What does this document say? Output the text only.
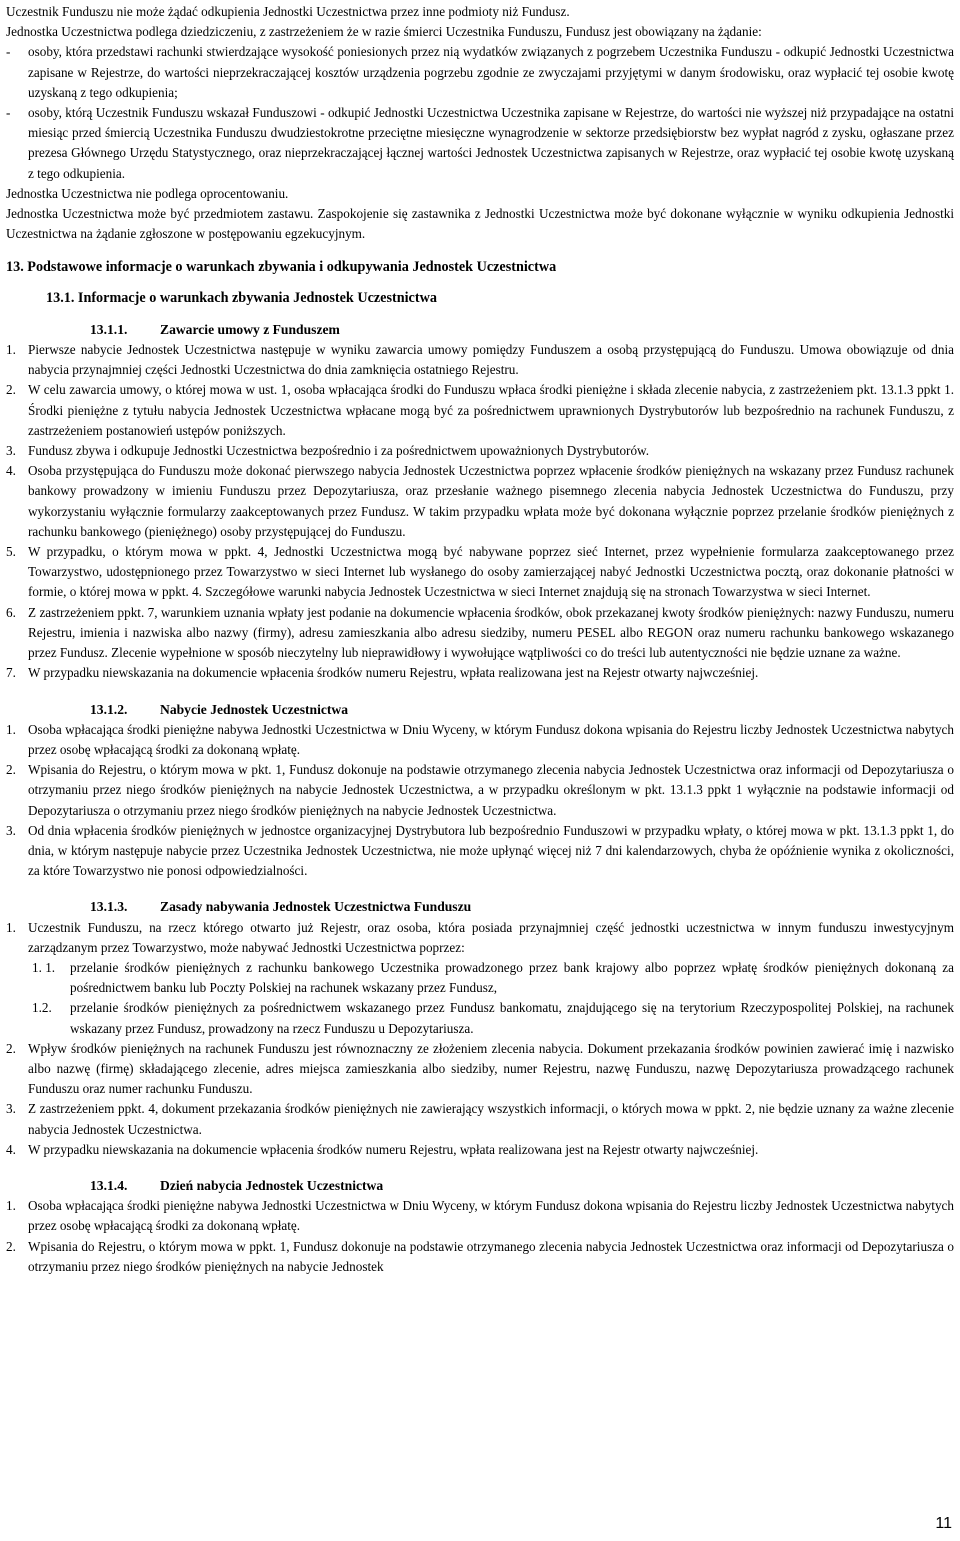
Uczestnik Funduszu nie może żądać odkupienia Jednostki Uczestnictwa przez inne podmioty niż Fundusz.

Jednostka Uczestnictwa podlega dziedziczeniu, z zastrzeżeniem że w razie śmierci Uczestnika Funduszu, Fundusz jest obowiązany na żądanie:

- osoby, która przedstawi rachunki stwierdzające wysokość poniesionych przez nią wydatków związanych z pogrzebem Uczestnika Funduszu - odkupić Jednostki Uczestnictwa zapisane w Rejestrze, do wartości nieprzekraczającej kosztów urządzenia pogrzebu zgodnie ze zwyczajami przyjętymi w danym środowisku, oraz wypłacić tej osobie kwotę uzyskaną z tego odkupienia;
- osoby, którą Uczestnik Funduszu wskazał Funduszowi - odkupić Jednostki Uczestnictwa Uczestnika zapisane w Rejestrze, do wartości nie wyższej niż przypadające na ostatni miesiąc przed śmiercią Uczestnika Funduszu dwudziestokrotne przeciętne miesięczne wynagrodzenie w sektorze przedsiębiorstw bez wypłat nagród z zysku, ogłaszane przez prezesa Głównego Urzędu Statystycznego, oraz nieprzekraczającej łącznej wartości Jednostek Uczestnictwa zapisanych w Rejestrze, oraz wypłacić tej osobie kwotę uzyskaną z tego odkupienia.

Jednostka Uczestnictwa nie podlega oprocentowaniu.

Jednostka Uczestnictwa może być przedmiotem zastawu. Zaspokojenie się zastawnika z Jednostki Uczestnictwa może być dokonane wyłącznie w wyniku odkupienia Jednostki Uczestnictwa na żądanie zgłoszone w postępowaniu egzekucyjnym.

13. Podstawowe informacje o warunkach zbywania i odkupywania Jednostek Uczestnictwa
13.1. Informacje o warunkach zbywania Jednostek Uczestnictwa
13.1.1. Zawarcie umowy z Funduszem
1. Pierwsze nabycie Jednostek Uczestnictwa następuje w wyniku zawarcia umowy pomiędzy Funduszem a osobą przystępującą do Funduszu. Umowa obowiązuje od dnia nabycia przynajmniej części Jednostki Uczestnictwa do dnia zamknięcia ostatniego Rejestru.
2. W celu zawarcia umowy, o której mowa w ust. 1, osoba wpłacająca środki do Funduszu wpłaca środki pieniężne i składa zlecenie nabycia, z zastrzeżeniem pkt. 13.1.3 ppkt 1. Środki pieniężne z tytułu nabycia Jednostek Uczestnictwa wpłacane mogą być za pośrednictwem uprawnionych Dystrybutorów lub bezpośrednio na rachunek Funduszu, z zastrzeżeniem postanowień ustępów poniższych.
3. Fundusz zbywa i odkupuje Jednostki Uczestnictwa bezpośrednio i za pośrednictwem upoważnionych Dystrybutorów.
4. Osoba przystępująca do Funduszu może dokonać pierwszego nabycia Jednostek Uczestnictwa poprzez wpłacenie środków pieniężnych na wskazany przez Fundusz rachunek bankowy prowadzony w imieniu Funduszu przez Depozytariusza, oraz przesłanie ważnego pisemnego zlecenia nabycia Jednostek Uczestnictwa do Funduszu, przy wykorzystaniu wyłącznie formularzy zaakceptowanych przez Fundusz. W takim przypadku wpłata może być dokonana wyłącznie poprzez przelanie środków pieniężnych z rachunku bankowego (pieniężnego) osoby przystępującej do Funduszu.
5. W przypadku, o którym mowa w ppkt. 4, Jednostki Uczestnictwa mogą być nabywane poprzez sieć Internet, przez wypełnienie formularza zaakceptowanego przez Towarzystwo, udostępnionego przez Towarzystwo w sieci Internet lub wysłanego do osoby zamierzającej nabyć Jednostki Uczestnictwa pocztą, oraz dokonanie płatności w formie, o której mowa w ppkt. 4. Szczegółowe warunki nabycia Jednostek Uczestnictwa w sieci Internet znajdują się na stronach Towarzystwa w sieci Internet.
6. Z zastrzeżeniem ppkt. 7, warunkiem uznania wpłaty jest podanie na dokumencie wpłacenia środków, obok przekazanej kwoty środków pieniężnych: nazwy Funduszu, numeru Rejestru, imienia i nazwiska albo nazwy (firmy), adresu zamieszkania albo adresu siedziby, numeru PESEL albo REGON oraz numeru rachunku bankowego wskazanego przez Fundusz. Zlecenie wypełnione w sposób nieczytelny lub nieprawidłowy i wywołujące wątpliwości co do treści lub autentyczności nie będzie uznane za ważne.
7. W przypadku niewskazania na dokumencie wpłacenia środków numeru Rejestru, wpłata realizowana jest na Rejestr otwarty najwcześniej.
13.1.2. Nabycie Jednostek Uczestnictwa
1. Osoba wpłacająca środki pieniężne nabywa Jednostki Uczestnictwa w Dniu Wyceny, w którym Fundusz dokona wpisania do Rejestru liczby Jednostek Uczestnictwa nabytych przez osobę wpłacającą środki za dokonaną wpłatę.
2. Wpisania do Rejestru, o którym mowa w pkt. 1, Fundusz dokonuje na podstawie otrzymanego zlecenia nabycia Jednostek Uczestnictwa oraz informacji od Depozytariusza o otrzymaniu przez niego środków pieniężnych na nabycie Jednostek Uczestnictwa, a w przypadku określonym w pkt. 13.1.3 ppkt 1 wyłącznie na podstawie informacji od Depozytariusza o otrzymaniu przez niego środków pieniężnych na nabycie Jednostek Uczestnictwa.
3. Od dnia wpłacenia środków pieniężnych w jednostce organizacyjnej Dystrybutora lub bezpośrednio Funduszowi w przypadku wpłaty, o której mowa w pkt. 13.1.3 ppkt 1, do dnia, w którym następuje nabycie przez Uczestnika Jednostek Uczestnictwa, nie może upłynąć więcej niż 7 dni kalendarzowych, chyba że opóźnienie wynika z okoliczności, za które Towarzystwo nie ponosi odpowiedzialności.
13.1.3. Zasady nabywania Jednostek Uczestnictwa Funduszu
1. Uczestnik Funduszu, na rzecz którego otwarto już Rejestr, oraz osoba, która posiada przynajmniej część jednostki uczestnictwa w innym funduszu inwestycyjnym zarządzanym przez Towarzystwo, może nabywać Jednostki Uczestnictwa poprzez:
1. 1. przelanie środków pieniężnych z rachunku bankowego Uczestnika prowadzonego przez bank krajowy albo poprzez wpłatę środków pieniężnych dokonaną za pośrednictwem banku lub Poczty Polskiej na rachunek wskazany przez Fundusz,
1.2. przelanie środków pieniężnych za pośrednictwem wskazanego przez Fundusz bankomatu, znajdującego się na terytorium Rzeczypospolitej Polskiej, na rachunek wskazany przez Fundusz, prowadzony na rzecz Funduszu u Depozytariusza.
2. Wpływ środków pieniężnych na rachunek Funduszu jest równoznaczny ze złożeniem zlecenia nabycia. Dokument przekazania środków powinien zawierać imię i nazwisko albo nazwę (firmę) składającego zlecenie, adres miejsca zamieszkania albo siedziby, numer Rejestru, nazwę Funduszu, nazwę Depozytariusza prowadzącego rachunek Funduszu oraz numer rachunku Funduszu.
3. Z zastrzeżeniem ppkt. 4, dokument przekazania środków pieniężnych nie zawierający wszystkich informacji, o których mowa w ppkt. 2, nie będzie uznany za ważne zlecenie nabycia Jednostek Uczestnictwa.
4. W przypadku niewskazania na dokumencie wpłacenia środków numeru Rejestru, wpłata realizowana jest na Rejestr otwarty najwcześniej.
13.1.4. Dzień nabycia Jednostek Uczestnictwa
1. Osoba wpłacająca środki pieniężne nabywa Jednostki Uczestnictwa w Dniu Wyceny, w którym Fundusz dokona wpisania do Rejestru liczby Jednostek Uczestnictwa nabytych przez osobę wpłacającą środki za dokonaną wpłatę.
2. Wpisania do Rejestru, o którym mowa w ppkt. 1, Fundusz dokonuje na podstawie otrzymanego zlecenia nabycia Jednostek Uczestnictwa oraz informacji od Depozytariusza o otrzymaniu przez niego środków pieniężnych na nabycie Jednostek
11
